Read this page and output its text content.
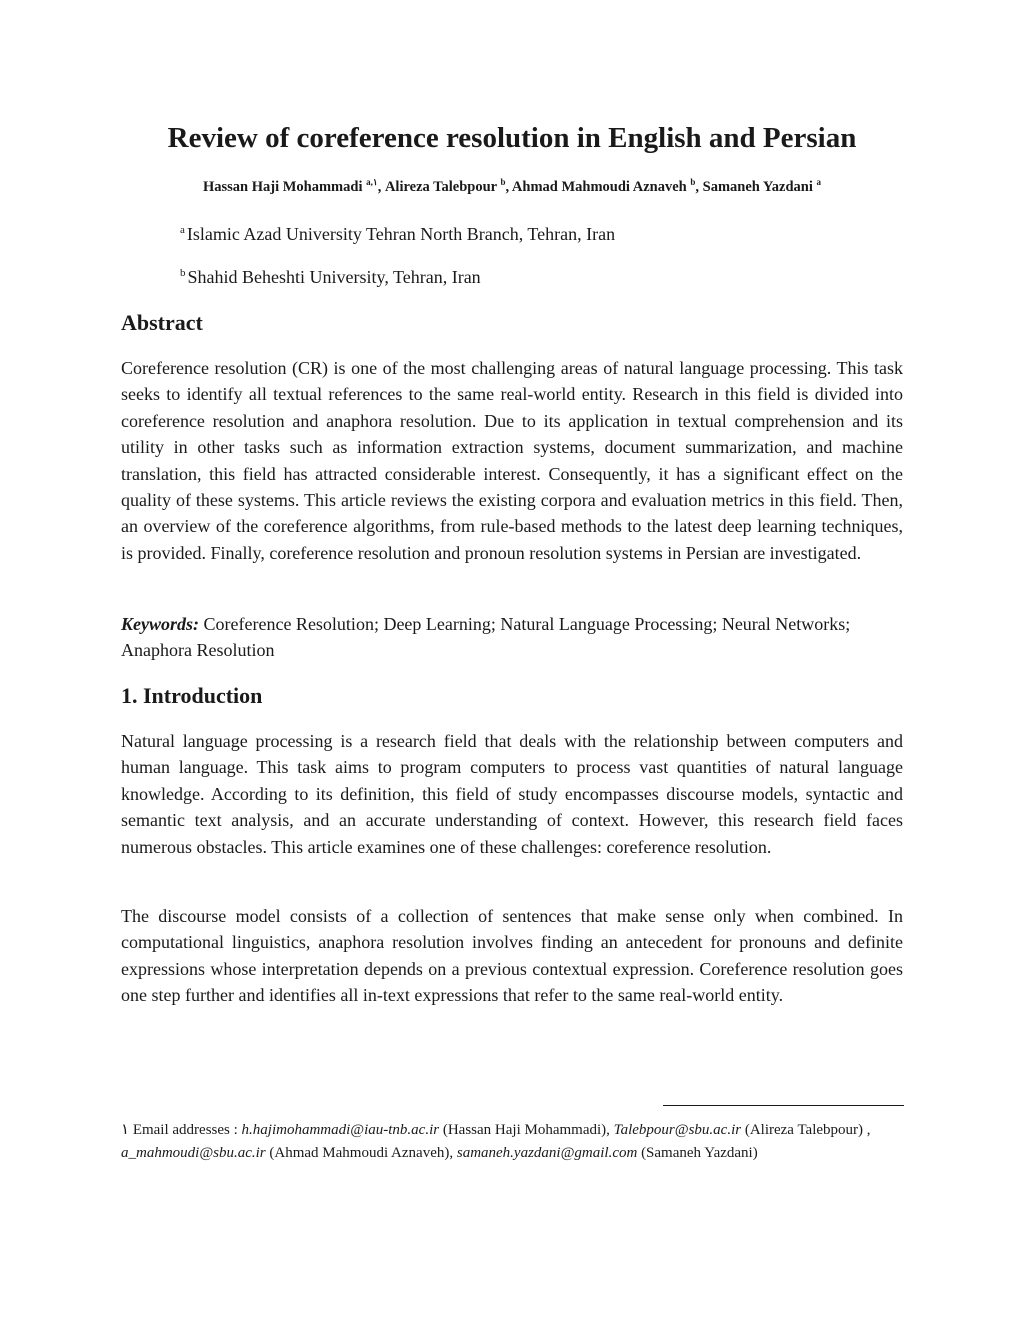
Review of coreference resolution in English and Persian
Hassan Haji Mohammadi $^{a,١}$, Alireza Talebpour $^b$, Ahmad Mahmoudi Aznaveh $^b$, Samaneh Yazdani $^a$
$^a$ Islamic Azad University Tehran North Branch, Tehran, Iran
$^b$ Shahid Beheshti University, Tehran, Iran
Abstract

Coreference resolution (CR) is one of the most challenging areas of natural language processing. This task seeks to identify all textual references to the same real-world entity. Research in this field is divided into coreference resolution and anaphora resolution. Due to its application in textual comprehension and its utility in other tasks such as information extraction systems, document summarization, and machine translation, this field has attracted considerable interest. Consequently, it has a significant effect on the quality of these systems. This article reviews the existing corpora and evaluation metrics in this field. Then, an overview of the coreference algorithms, from rule-based methods to the latest deep learning techniques, is provided. Finally, coreference resolution and pronoun resolution systems in Persian are investigated.

Keywords: Coreference Resolution; Deep Learning; Natural Language Processing; Neural Networks; Anaphora Resolution

1. Introduction

Natural language processing is a research field that deals with the relationship between computers and human language. This task aims to program computers to process vast quantities of natural language knowledge. According to its definition, this field of study encompasses discourse models, syntactic and semantic text analysis, and an accurate understanding of context. However, this research field faces numerous obstacles. This article examines one of these challenges: coreference resolution.

The discourse model consists of a collection of sentences that make sense only when combined. In computational linguistics, anaphora resolution involves finding an antecedent for pronouns and definite expressions whose interpretation depends on a previous contextual expression. Coreference resolution goes one step further and identifies all in-text expressions that refer to the same real-world entity.

١ Email addresses : h.hajimohammadi@iau-tnb.ac.ir (Hassan Haji Mohammadi), Talebpour@sbu.ac.ir (Alireza Talebpour) , a_mahmoudi@sbu.ac.ir (Ahmad Mahmoudi Aznaveh), samaneh.yazdani@gmail.com (Samaneh Yazdani)
